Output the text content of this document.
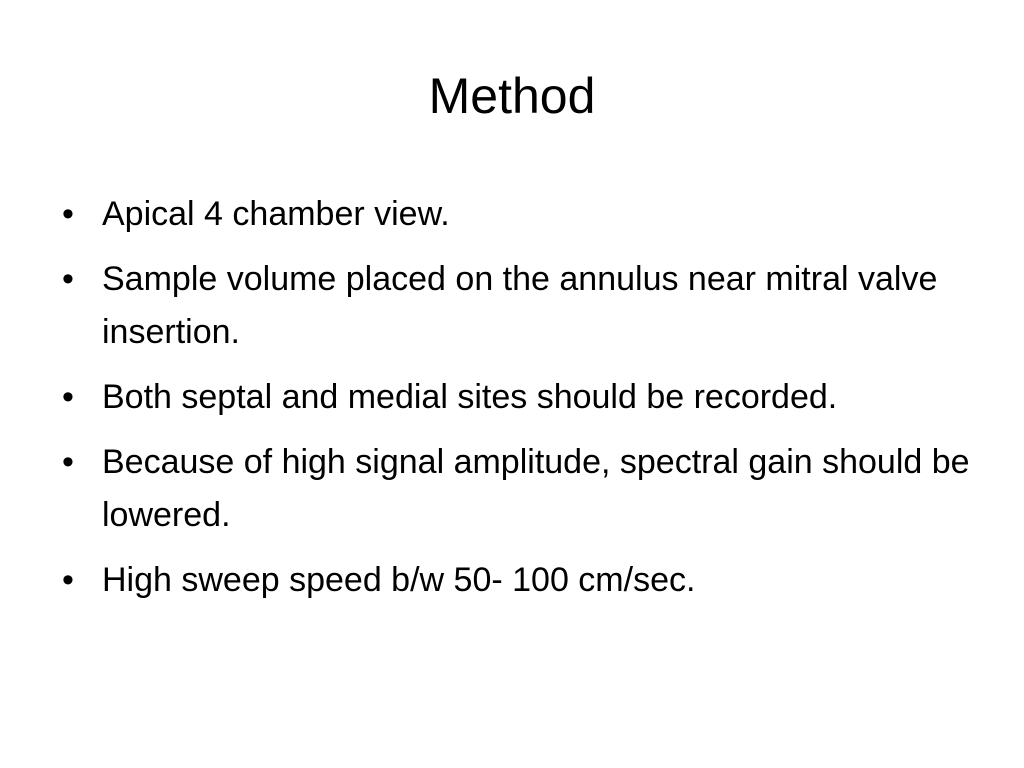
Method
• Apical 4 chamber view.
• Sample volume placed on the annulus near mitral valve insertion.
• Both septal and medial sites should be recorded.
• Because of high signal amplitude, spectral gain should be lowered.
• High sweep speed b/w 50- 100 cm/sec.
